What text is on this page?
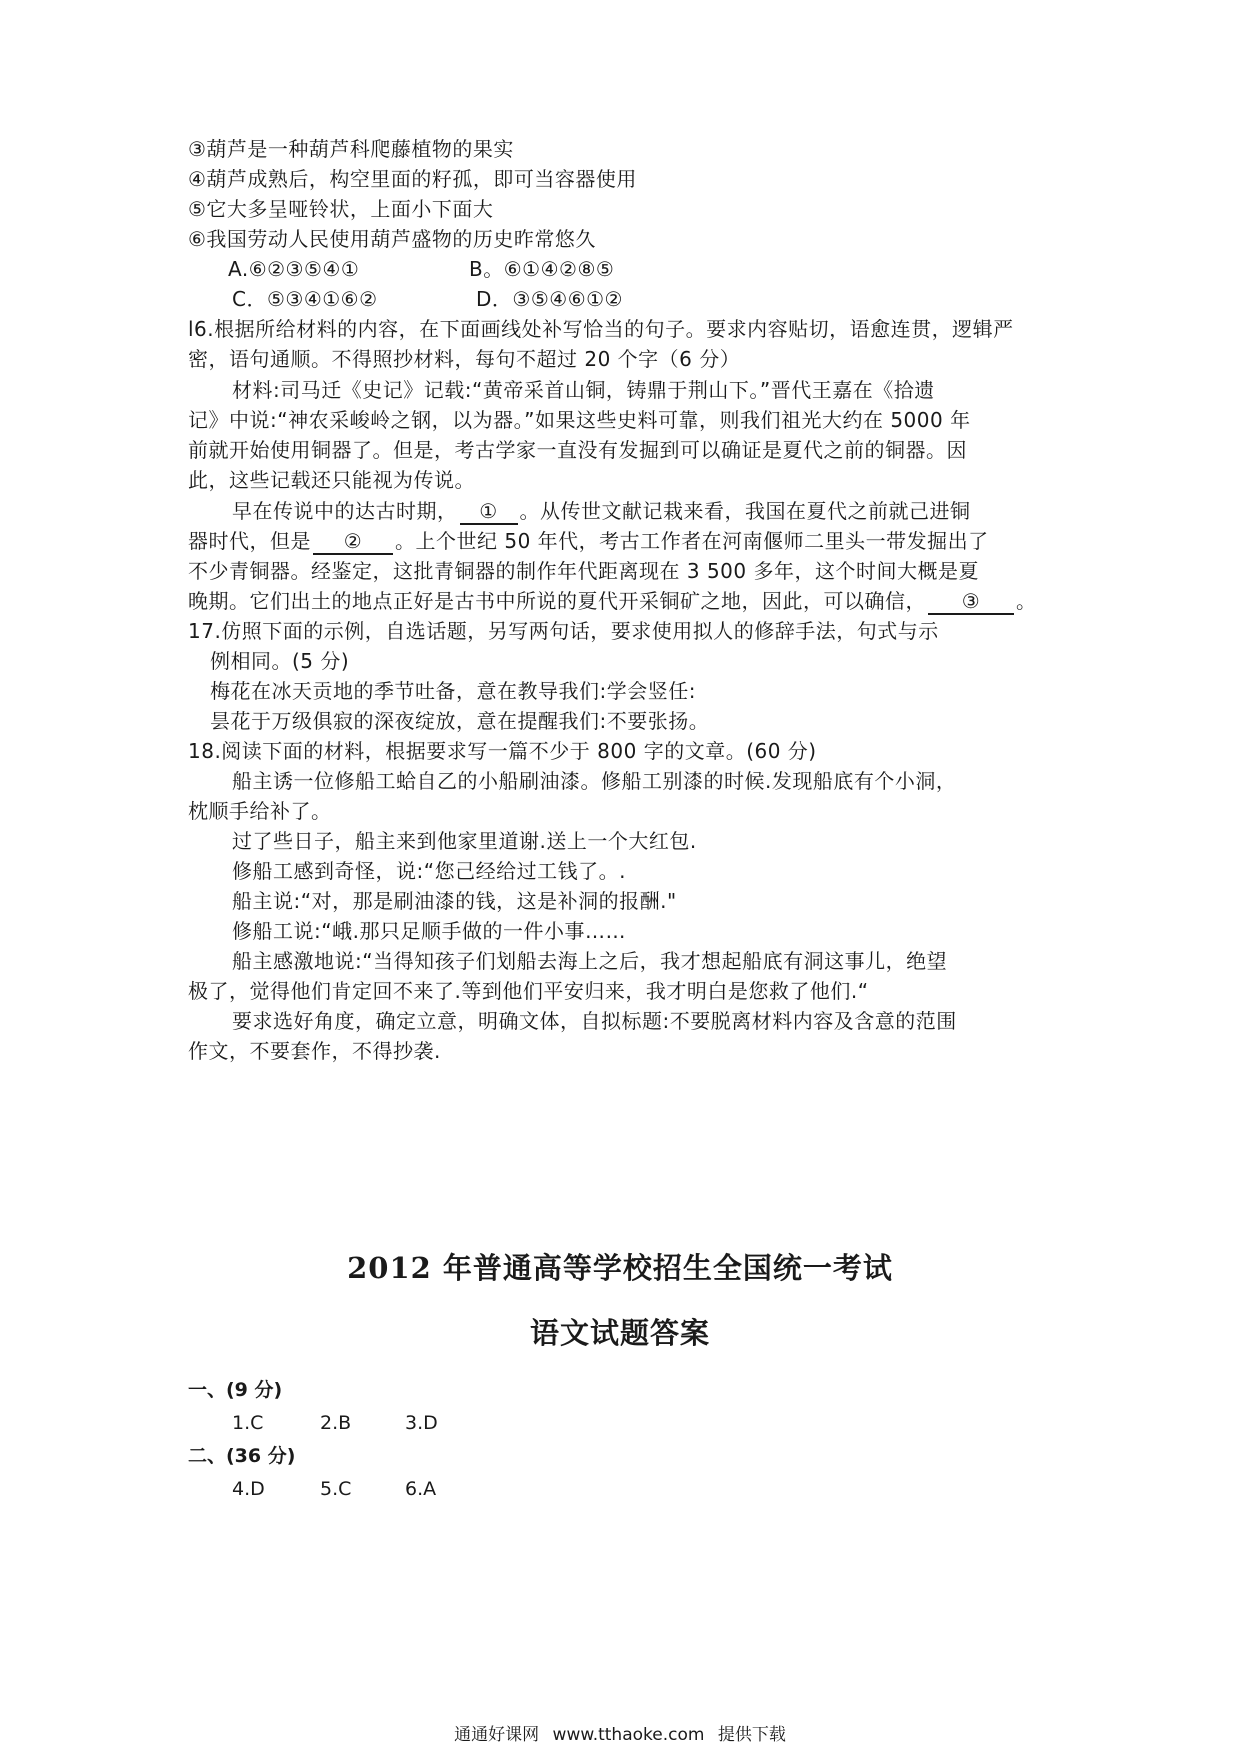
③葫芦是一种葫芦科爬藤植物的果实
④葫芦成熟后，构空里面的籽孤，即可当容器使用
⑤它大多呈哑铃状，上面小下面大
⑥我国劳动人民使用葫芦盛物的历史昨常悠久
A.⑥②③⑤④①	B。⑥①④②⑧⑤
C．⑤③④①⑥②	D．③⑤④⑥①②
l6.根据所给材料的内容，在下面画线处补写恰当的句子。要求内容贴切，语愈连贯，逻辑严
密，语句通顺。不得照抄材料，每句不超过 20 个字（6 分）
材料:司马迁《史记》记载:“黄帝采首山铜，铸鼎于荆山下。”晋代王嘉在《拾遗
记》中说:“神农采峻岭之钢，以为器。”如果这些史料可靠，则我们祖光大约在 5000 年
前就开始使用铜器了。但是，考古学家一直没有发掘到可以确证是夏代之前的铜器。因
此，这些记载还只能视为传说。
早在传说中的达古时期， ① 。从传世文献记栽来看，我国在夏代之前就己进铜
器时代，但是 ② 。上个世纪 50 年代，考古工作者在河南偃师二里头一带发掘出了
不少青铜器。经鉴定，这批青铜器的制作年代距离现在 3 500 多年，这个时间大概是夏
晚期。它们出土的地点正好是古书中所说的夏代开采铜矿之地，因此，可以确信， ③ 。
17.仿照下面的示例，自选话题，另写两句话，要求使用拟人的修辞手法，句式与示
例相同。(5 分)
梅花在冰天贡地的季节吐备，意在教导我们:学会竖任:
昙花于万级俱寂的深夜绽放，意在提醒我们:不要张扬。
18.阅读下面的材料，根据要求写一篇不少于 800 字的文章。(60 分)
船主诱一位修船工蛤自乙的小船刷油漆。修船工别漆的时候.发现船底有个小洞，
枕顺手给补了。
过了些日子，船主来到他家里道谢.送上一个大红包.
修船工感到奇怪，说:“您己经给过工钱了。.
船主说:“对，那是刷油漆的钱，这是补洞的报酬."
修船工说:“峨.那只足顺手做的一件小事……
船主感激地说:“当得知孩子们划船去海上之后，我才想起船底有洞这事儿，绝望
极了，觉得他们肯定回不来了.等到他们平安归来，我才明白是您救了他们.“
要求选好角度，确定立意，明确文体，自拟标题:不要脱离材料内容及含意的范围
作文，不要套作，不得抄袭.
2012 年普通高等学校招生全国统一考试
语文试题答案
一、(9 分)
1.C	2.B	3.D
二、(36 分)
4.D	5.C	6.A
通通好课网 www.tthaoke.com 提供下载
